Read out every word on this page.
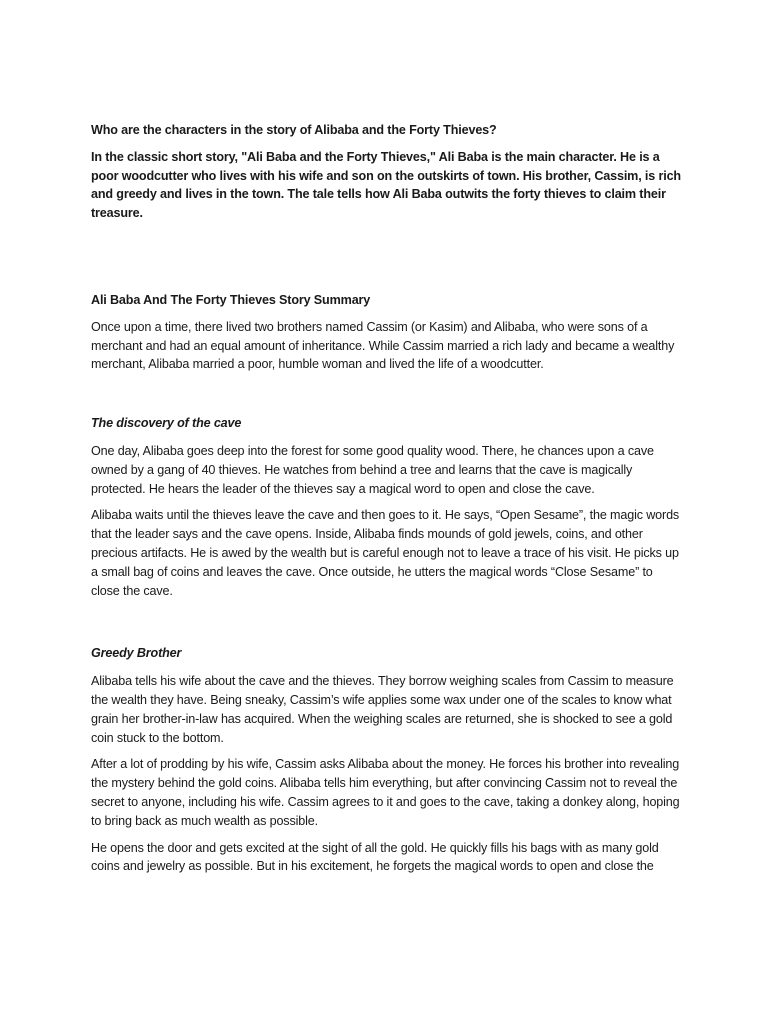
Who are the characters in the story of Alibaba and the Forty Thieves?

In the classic short story, "Ali Baba and the Forty Thieves," Ali Baba is the main character. He is a poor woodcutter who lives with his wife and son on the outskirts of town. His brother, Cassim, is rich and greedy and lives in the town. The tale tells how Ali Baba outwits the forty thieves to claim their treasure.

Ali Baba And The Forty Thieves Story Summary

Once upon a time, there lived two brothers named Cassim (or Kasim) and Alibaba, who were sons of a merchant and had an equal amount of inheritance. While Cassim married a rich lady and became a wealthy merchant, Alibaba married a poor, humble woman and lived the life of a woodcutter.

The discovery of the cave

One day, Alibaba goes deep into the forest for some good quality wood. There, he chances upon a cave owned by a gang of 40 thieves. He watches from behind a tree and learns that the cave is magically protected. He hears the leader of the thieves say a magical word to open and close the cave.

Alibaba waits until the thieves leave the cave and then goes to it. He says, “Open Sesame”, the magic words that the leader says and the cave opens. Inside, Alibaba finds mounds of gold jewels, coins, and other precious artifacts. He is awed by the wealth but is careful enough not to leave a trace of his visit. He picks up a small bag of coins and leaves the cave. Once outside, he utters the magical words “Close Sesame” to close the cave.

Greedy Brother

Alibaba tells his wife about the cave and the thieves. They borrow weighing scales from Cassim to measure the wealth they have. Being sneaky, Cassim’s wife applies some wax under one of the scales to know what grain her brother-in-law has acquired. When the weighing scales are returned, she is shocked to see a gold coin stuck to the bottom.

After a lot of prodding by his wife, Cassim asks Alibaba about the money. He forces his brother into revealing the mystery behind the gold coins. Alibaba tells him everything, but after convincing Cassim not to reveal the secret to anyone, including his wife. Cassim agrees to it and goes to the cave, taking a donkey along, hoping to bring back as much wealth as possible.

He opens the door and gets excited at the sight of all the gold. He quickly fills his bags with as many gold coins and jewelry as possible. But in his excitement, he forgets the magical words to open and close the
